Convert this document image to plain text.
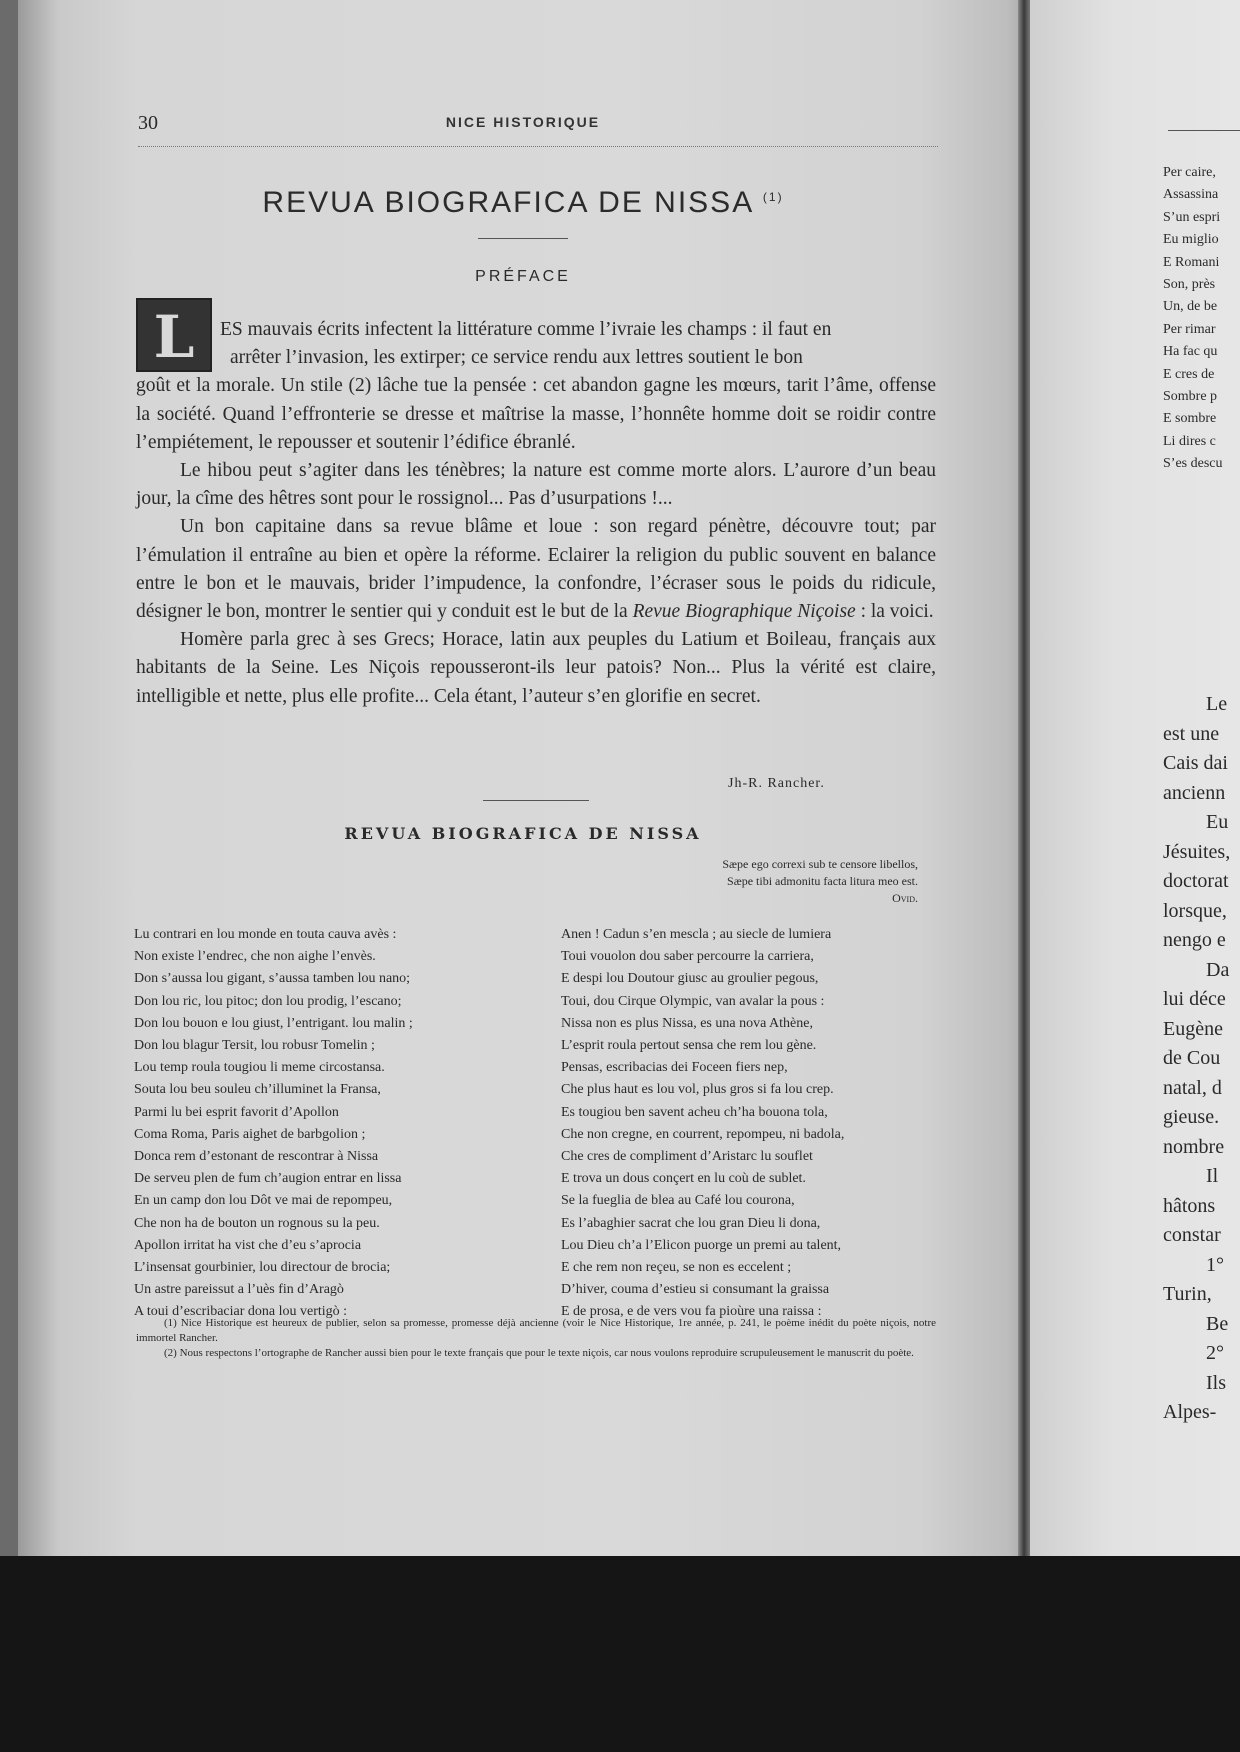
30	NICE HISTORIQUE
REVUA BIOGRAFICA DE NISSA $^{(1)}$
PRÉFACE
L	ES mauvais écrits infectent la littérature comme l’ivraie les champs : il faut en
arrêter l’invasion, les extirper; ce service rendu aux lettres soutient le bon
goût et la morale. Un stile (2) lâche tue la pensée : cet abandon gagne les mœurs, tarit l’âme, offense la société. Quand l’effronterie se dresse et maîtrise la masse, l’honnête homme doit se roidir contre l’empiétement, le repousser et soutenir l’édifice ébranlé.

Le hibou peut s’agiter dans les ténèbres; la nature est comme morte alors. L’aurore d’un beau jour, la cîme des hêtres sont pour le rossignol... Pas d’usurpations !...

Un bon capitaine dans sa revue blâme et loue : son regard pénètre, découvre tout; par l’émulation il entraîne au bien et opère la réforme. Eclairer la religion du public souvent en balance entre le bon et le mauvais, brider l’impudence, la confondre, l’écraser sous le poids du ridicule, désigner le bon, montrer le sentier qui y conduit est le but de la Revue Biographique Niçoise : la voici.

Homère parla grec à ses Grecs; Horace, latin aux peuples du Latium et Boileau, français aux habitants de la Seine. Les Niçois repousseront-ils leur patois? Non... Plus la vérité est claire, intelligible et nette, plus elle profite... Cela étant, l’auteur s’en glorifie en secret.

Jh-R. Rancher.
REVUA BIOGRAFICA DE NISSA
Sæpe ego correxi sub te censore libellos,
Sæpe tibi admonitu facta litura meo est.
Ovid.
Lu contrari en lou monde en touta cauva avès :
Non existe l’endrec, che non aighe l’envès.
Don s’aussa lou gigant, s’aussa tamben lou nano;
Don lou ric, lou pitoc; don lou prodig, l’escano;
Don lou bouon e lou giust, l’entrigant. lou malin ;
Don lou blagur Tersit, lou robusr Tomelin ;
Lou temp roula tougiou li meme circostansa.
Souta lou beu souleu ch’illuminet la Fransa,
Parmi lu bei esprit favorit d’Apollon
Coma Roma, Paris aighet de barbgolion ;
Donca rem d’estonant de rescontrar à Nissa
De serveu plen de fum ch’augion entrar en lissa
En un camp don lou Dôt ve mai de repompeu,
Che non ha de bouton un rognous su la peu.
Apollon irritat ha vist che d’eu s’aprocia
L’insensat gourbinier, lou directour de brocia;
Un astre pareissut a l’uès fin d’Aragò
A toui d’escribaciar dona lou vertigò :
Anen ! Cadun s’en mescla ; au siecle de lumiera
Toui vouolon dou saber percourre la carriera,
E despi lou Doutour giusc au groulier pegous,
Toui, dou Cirque Olympic, van avalar la pous :
Nissa non es plus Nissa, es una nova Athène,
L’esprit roula pertout sensa che rem lou gène.
Pensas, escribacias dei Foceen fiers nep,
Che plus haut es lou vol, plus gros si fa lou crep.
Es tougiou ben savent acheu ch’ha bouona tola,
Che non cregne, en courrent, repompeu, ni badola,
Che cres de compliment d’Aristarc lu souflet
E trova un dous conçert en lu coù de sublet.
Se la fueglia de blea au Café lou courona,
Es l’abaghier sacrat che lou gran Dieu li dona,
Lou Dieu ch’a l’Elicon puorge un premi au talent,
E che rem non reçeu, se non es eccelent ;
D’hiver, couma d’estieu si consumant la graissa
E de prosa, e de vers vou fa pioùre una raissa :
(1) Nice Historique est heureux de publier, selon sa promesse, promesse déjà ancienne (voir le Nice Historique, 1re année, p. 241, le poème inédit du poète niçois, notre immortel Rancher.
(2) Nous respectons l’ortographe de Rancher aussi bien pour le texte français que pour le texte niçois, car nous voulons reproduire scrupuleusement le manuscrit du poète.
Per caire,
Assassina
S’un espri
Eu miglio
E Romani
Son, près
Un, de be
Per rimar
Ha fac qu
E cres de
Sombre p
E sombre
Li dires c
S’es descu
Le
est une
Cais dai
ancienn
Eu
Jésuites,
doctorat
lorsque,
nengo e
Da
lui déce
Eugène
de Cou
natal, d
gieuse.
nombre
Il
hâtons
constar
1°
Turin,
Be
2°
Ils
Alpes-
